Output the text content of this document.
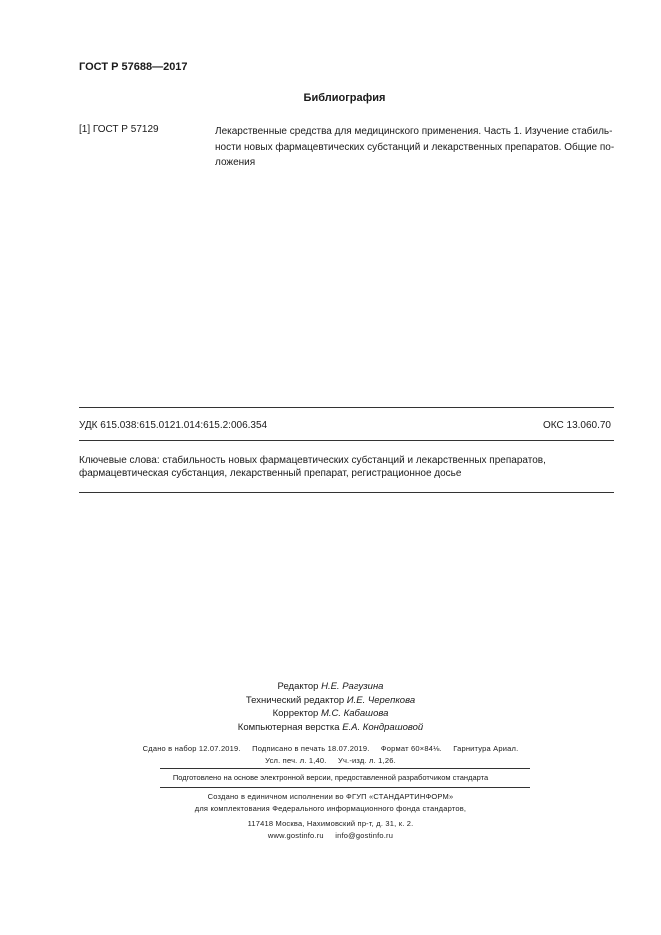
ГОСТ Р 57688—2017
Библиография
[1] ГОСТ Р 57129	Лекарственные средства для медицинского применения. Часть 1. Изучение стабиль-
ности новых фармацевтических субстанций и лекарственных препаратов. Общие по-
ложения
УДК 615.038:615.0121.014:615.2:006.354	ОКС 13.060.70
Ключевые слова: стабильность новых фармацевтических субстанций и лекарственных препаратов,
фармацевтическая субстанция, лекарственный препарат, регистрационное досье
Редактор Н.Е. Рагузина
Технический редактор И.Е. Черепкова
Корректор М.С. Кабашова
Компьютерная верстка Е.А. Кондрашовой
Сдано в набор 12.07.2019.     Подписано в печать 18.07.2019.     Формат 60×84⅛.     Гарнитура Ариал.
Усл. печ. л. 1,40.     Уч.-изд. л. 1,26.
Подготовлено на основе электронной версии, предоставленной разработчиком стандарта
Создано в единичном исполнении во ФГУП «СТАНДАРТИНФОРМ»
для комплектования Федерального информационного фонда стандартов,
117418 Москва, Нахимовский пр-т, д. 31, к. 2.
www.gostinfo.ru     info@gostinfo.ru
